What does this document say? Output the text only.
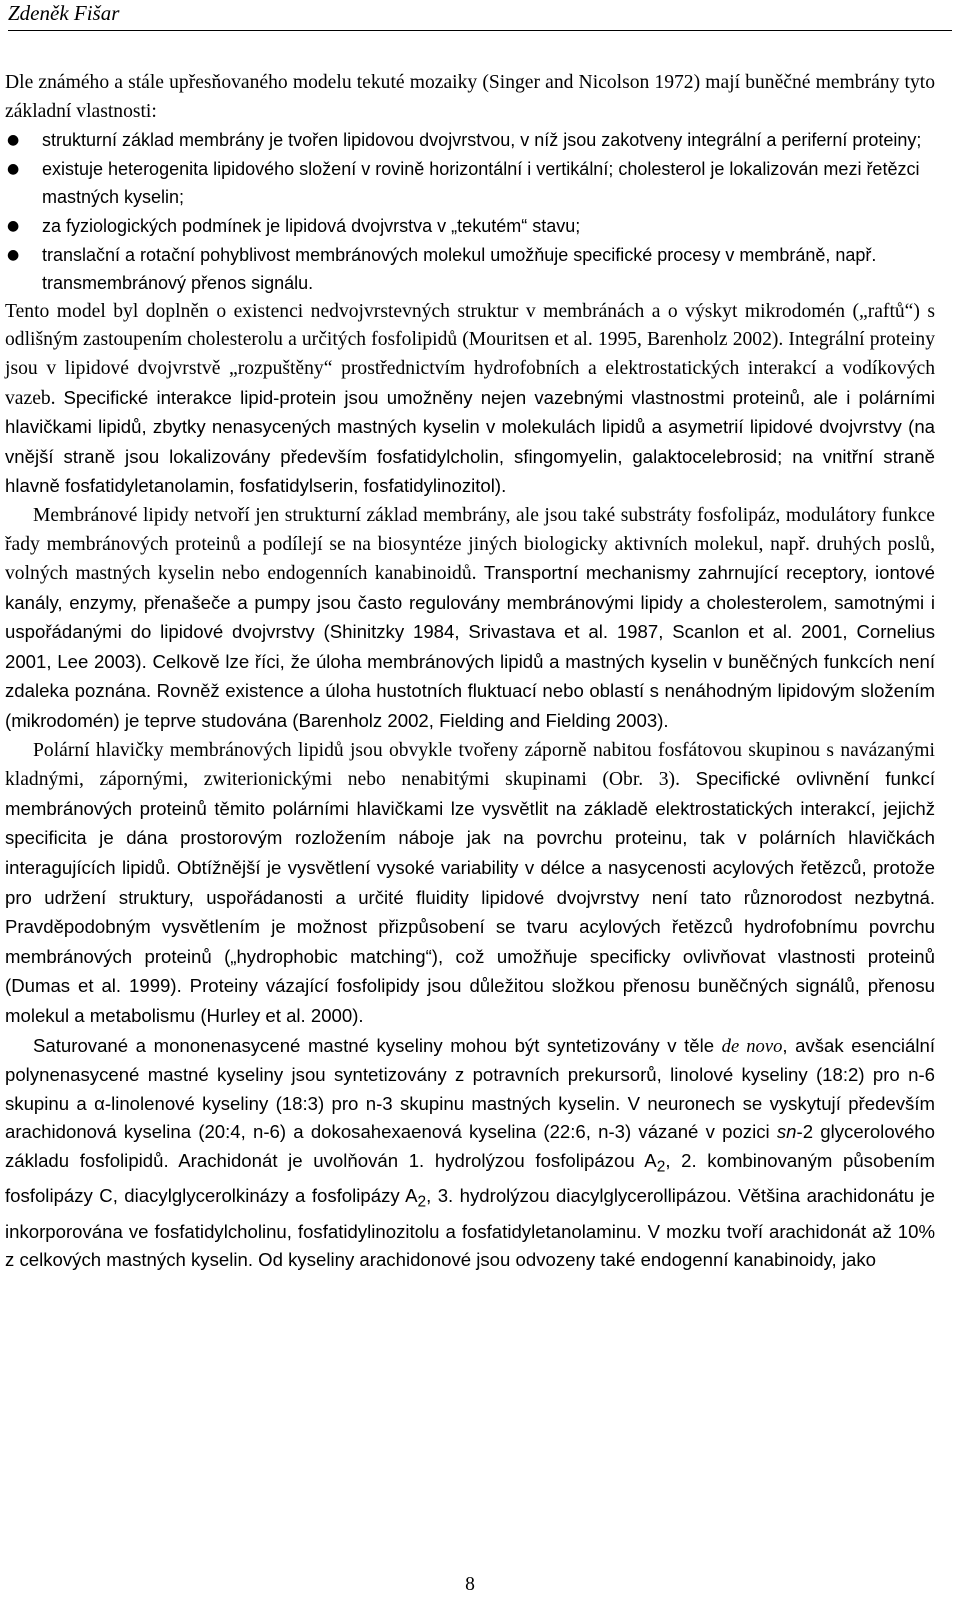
Zdeněk Fišar

Dle známého a stále upřesňovaného modelu tekuté mozaiky (Singer and Nicolson 1972) mají buněčné membrány tyto základní vlastnosti:

● strukturní základ membrány je tvořen lipidovou dvojvrstvou, v níž jsou zakotveny integrální a periferní proteiny;
● existuje heterogenita lipidového složení v rovině horizontální i vertikální; cholesterol je lokalizován mezi řetězci mastných kyselin;
● za fyziologických podmínek je lipidová dvojvrstva v „tekutém“ stavu;
● translační a rotační pohyblivost membránových molekul umožňuje specifické procesy v membráně, např. transmembránový přenos signálu.

Tento model byl doplněn o existenci nedvojvrstevných struktur v membránách a o výskyt mikrodomén („raftů“) s odlišným zastoupením cholesterolu a určitých fosfolipidů (Mouritsen et al. 1995, Barenholz 2002). Integrální proteiny jsou v lipidové dvojvrstvě „rozpuštěny“ prostřednictvím hydrofobních a elektrostatických interakcí a vodíkových vazeb. Specifické interakce lipid-protein jsou umožněny nejen vazebnými vlastnostmi proteinů, ale i polárními hlavičkami lipidů, zbytky nenasycených mastných kyselin v molekulách lipidů a asymetrií lipidové dvojvrstvy (na vnější straně jsou lokalizovány především fosfatidylcholin, sfingomyelin, galaktocelebrosid; na vnitřní straně hlavně fosfatidyletanolamin, fosfatidylserin, fosfatidylinozitol).

Membránové lipidy netvoří jen strukturní základ membrány, ale jsou také substráty fosfolipáz, modulátory funkce řady membránových proteinů a podílejí se na biosyntéze jiných biologicky aktivních molekul, např. druhých poslů, volných mastných kyselin nebo endogenních kanabinoidů. Transportní mechanismy zahrnující receptory, iontové kanály, enzymy, přenašeče a pumpy jsou často regulovány membránovými lipidy a cholesterolem, samotnými i uspořádanými do lipidové dvojvrstvy (Shinitzky 1984, Srivastava et al. 1987, Scanlon et al. 2001, Cornelius 2001, Lee 2003). Celkově lze říci, že úloha membránových lipidů a mastných kyselin v buněčných funkcích není zdaleka poznána. Rovněž existence a úloha hustotních fluktuací nebo oblastí s nenáhodným lipidovým složením (mikrodomén) je teprve studována (Barenholz 2002, Fielding and Fielding 2003).

Polární hlavičky membránových lipidů jsou obvykle tvořeny záporně nabitou fosfátovou skupinou s navázanými kladnými, zápornými, zwiterionickými nebo nenabitými skupinami (Obr. 3). Specifické ovlivnění funkcí membránových proteinů těmito polárními hlavičkami lze vysvětlit na základě elektrostatických interakcí, jejichž specificita je dána prostorovým rozložením náboje jak na povrchu proteinu, tak v polárních hlavičkách interagujících lipidů. Obtížnější je vysvětlení vysoké variability v délce a nasycenosti acylových řetězců, protože pro udržení struktury, uspořádanosti a určité fluidity lipidové dvojvrstvy není tato různorodost nezbytná. Pravděpodobným vysvětlením je možnost přizpůsobení se tvaru acylových řetězců hydrofobnímu povrchu membránových proteinů („hydrophobic matching“), což umožňuje specificky ovlivňovat vlastnosti proteinů (Dumas et al. 1999). Proteiny vázající fosfolipidy jsou důležitou složkou přenosu buněčných signálů, přenosu molekul a metabolismu (Hurley et al. 2000).

Saturované a mononenasycené mastné kyseliny mohou být syntetizovány v těle de novo, avšak esenciální polynenasycené mastné kyseliny jsou syntetizovány z potravních prekursorů, linolové kyseliny (18:2) pro n-6 skupinu a α-linolenové kyseliny (18:3) pro n-3 skupinu mastných kyselin. V neuronech se vyskytují především arachidonová kyselina (20:4, n-6) a dokosahexaenová kyselina (22:6, n-3) vázané v pozici sn-2 glycerolového základu fosfolipidů. Arachidonát je uvolňován 1. hydrolýzou fosfolipázou $A_2$, 2. kombinovaným působením fosfolipázy C, diacylglycerolkinázy a fosfolipázy $A_2$, 3. hydrolýzou diacylglycerollipázou. Většina arachidonátu je inkorporována ve fosfatidylcholinu, fosfatidylinozitolu a fosfatidyletanolaminu. V mozku tvoří arachidonát až 10% z celkových mastných kyselin. Od kyseliny arachidonové jsou odvozeny také endogenní kanabinoidy, jako

8
